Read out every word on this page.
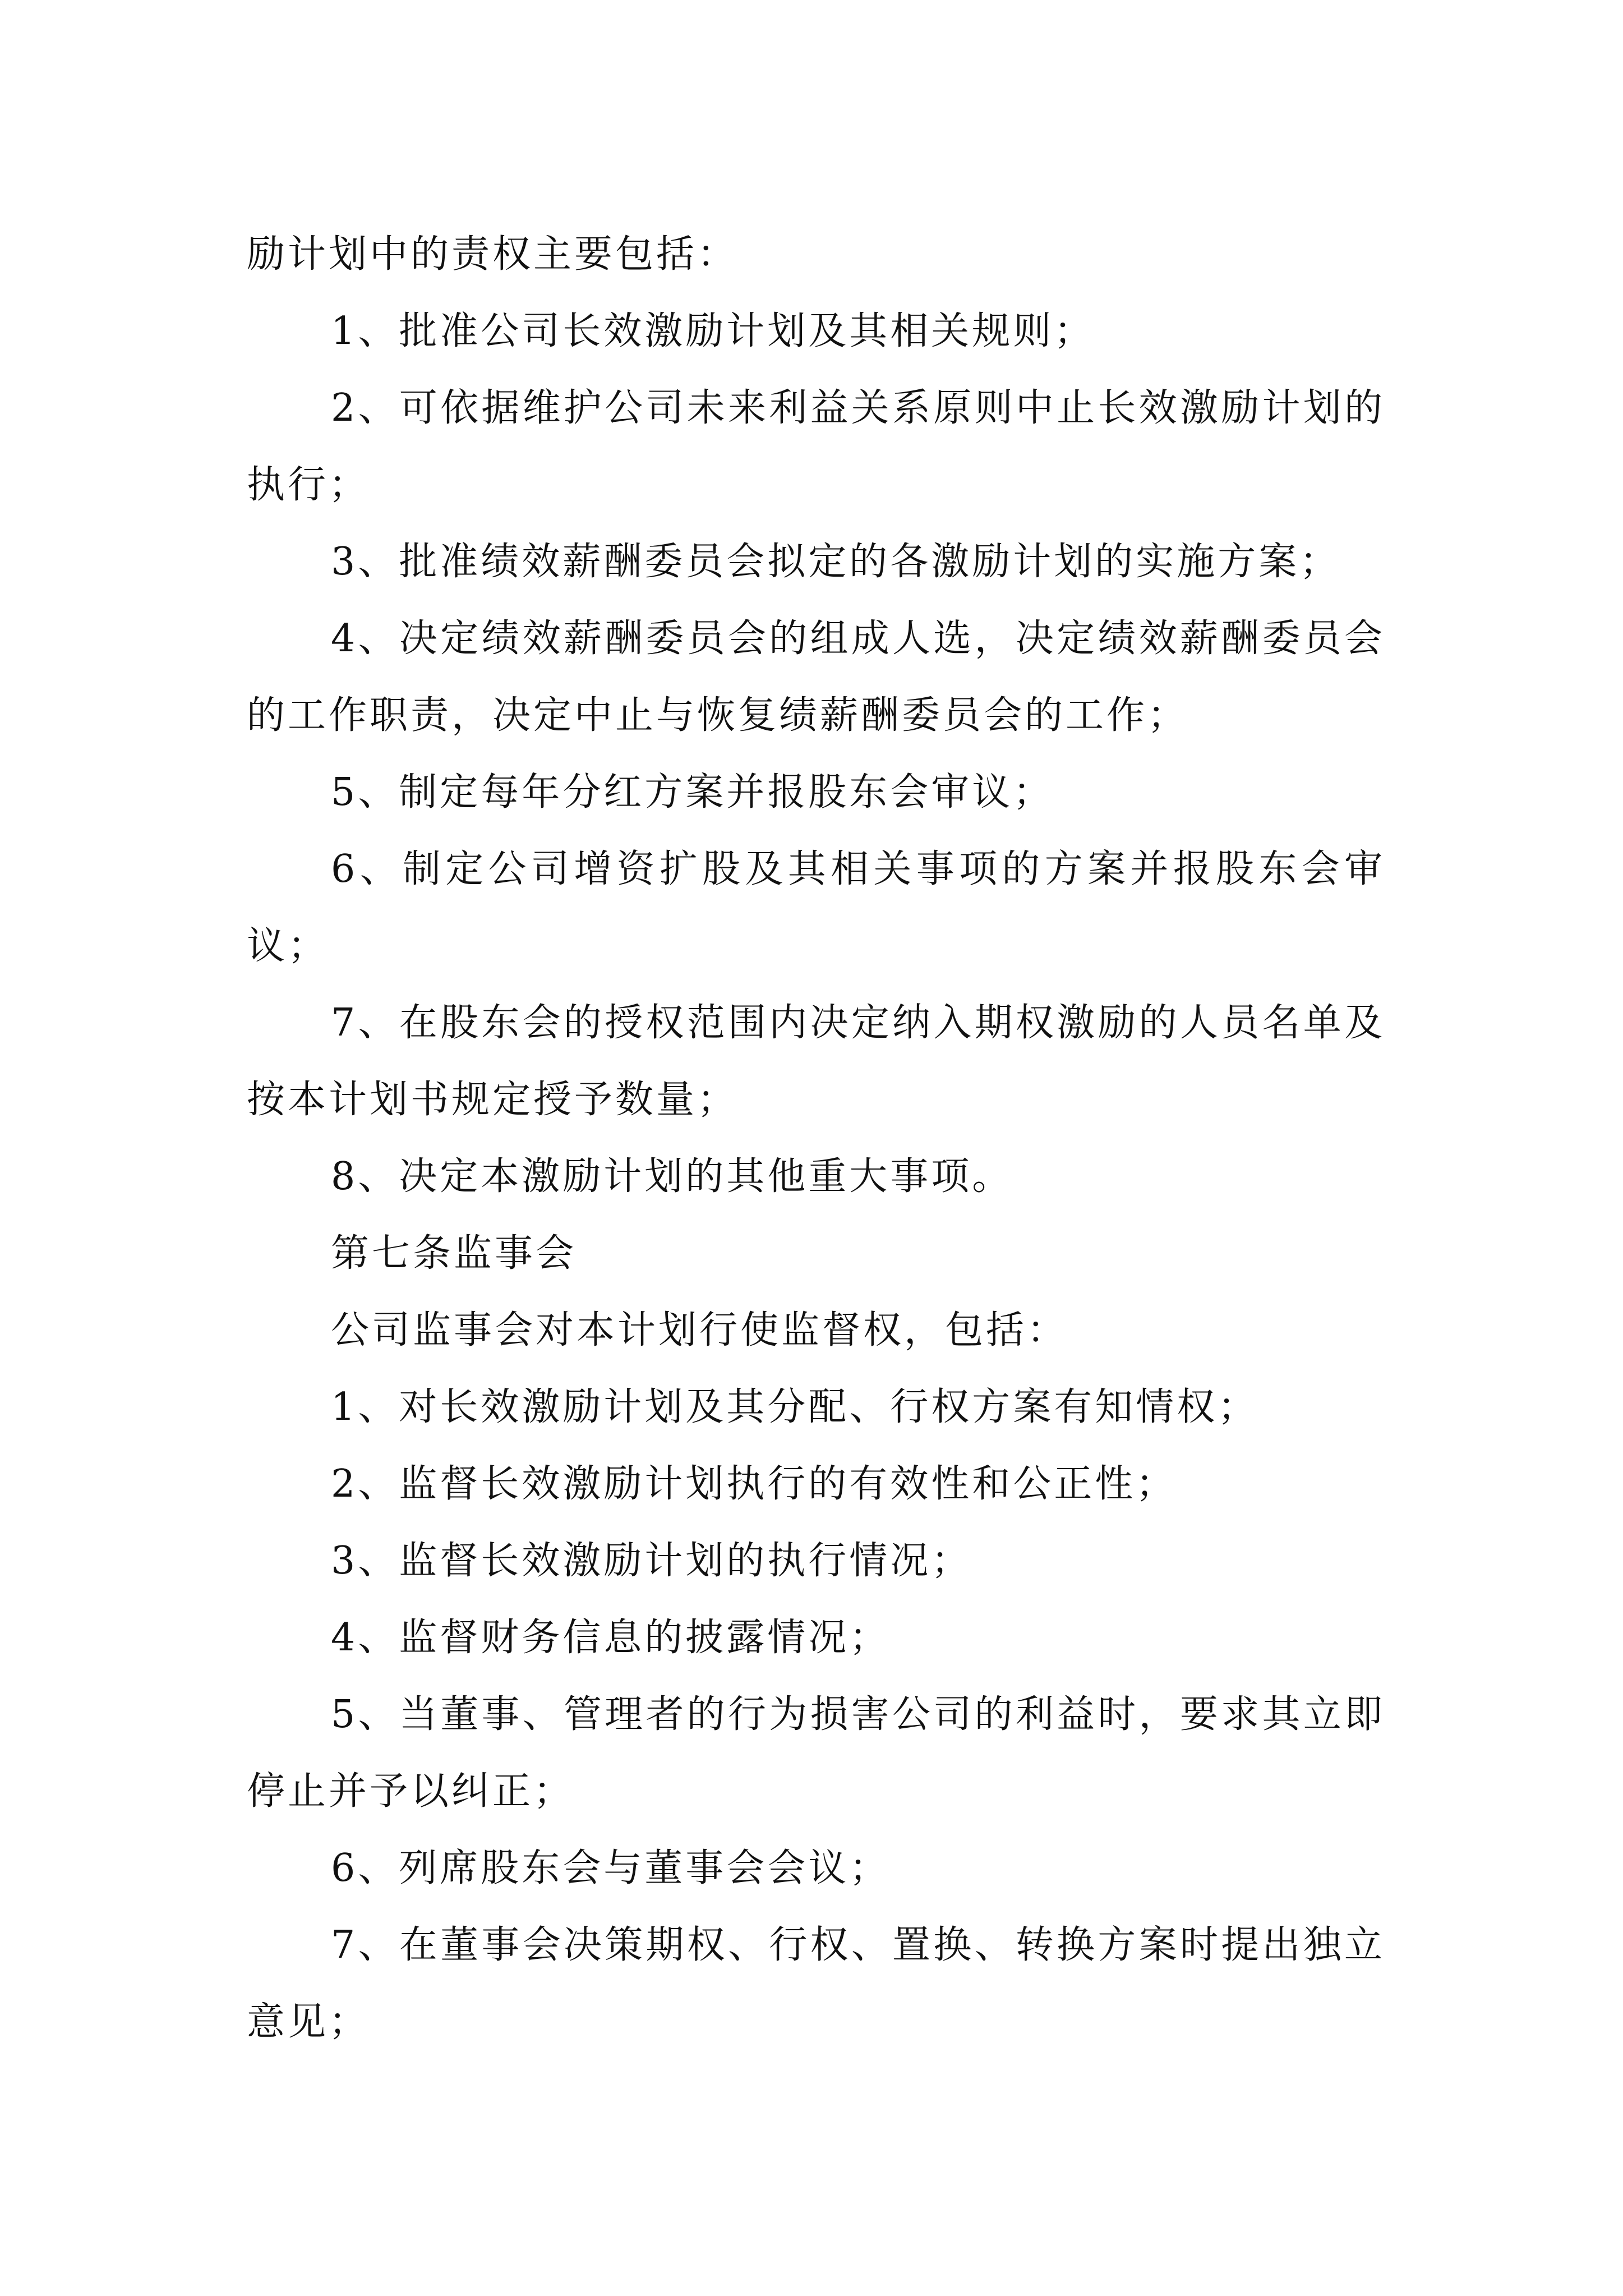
励计划中的责权主要包括：

1、批准公司长效激励计划及其相关规则；

2、可依据维护公司未来利益关系原则中止长效激励计划的执行；

3、批准绩效薪酬委员会拟定的各激励计划的实施方案；

4、决定绩效薪酬委员会的组成人选，决定绩效薪酬委员会的工作职责，决定中止与恢复绩薪酬委员会的工作；

5、制定每年分红方案并报股东会审议；

6、制定公司增资扩股及其相关事项的方案并报股东会审议；

7、在股东会的授权范围内决定纳入期权激励的人员名单及按本计划书规定授予数量；

8、决定本激励计划的其他重大事项。

第七条监事会

公司监事会对本计划行使监督权，包括：

1、对长效激励计划及其分配、行权方案有知情权；

2、监督长效激励计划执行的有效性和公正性；

3、监督长效激励计划的执行情况；

4、监督财务信息的披露情况；

5、当董事、管理者的行为损害公司的利益时，要求其立即停止并予以纠正；

6、列席股东会与董事会会议；

7、在董事会决策期权、行权、置换、转换方案时提出独立意见；
